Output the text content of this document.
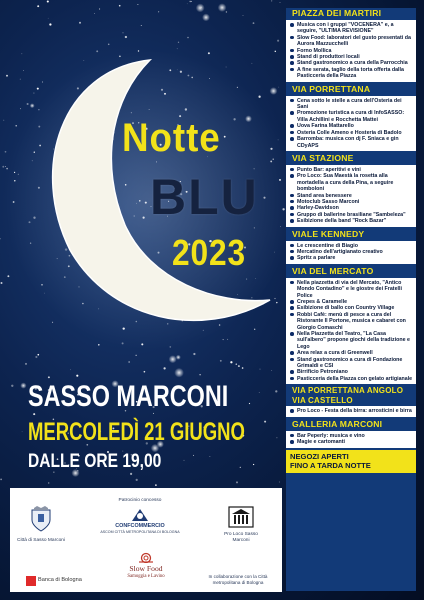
Notte
BLU
2023
SASSO MARCONI
MERCOLEDÌ 21 GIUGNO
DALLE ORE 19,00
PIAZZA DEI MARTIRI
Musica con i gruppi "VOCENERA" e, a seguire, "ULTIMA REVISIONE"
Slow Food: laboratori del gusto presentati da Aurora Mazzucchelli
Forno Mollica
Stand di produttori locali
Stand gastronomico a cura della Parrocchia
A fine serata, taglio della torta offerta dalla Pasticceria della Piazza
VIA PORRETTANA
Cena sotto le stelle a cura dell'Osteria dei Sani
Promozione turistica a cura di InfoSASSO: Villa Achillini e Rocchetta Mattei
Uova Farina Mattarello
Osteria Colle Ameno e Hosteria di Badolo
Barromba: musica con dj F. Sniaca e gin CDyAPS
VIA STAZIONE
Punto Bar: aperitivi e vini
Pro Loco: Sua Maestà la rosetta alla mortadella a cura della Pina, a seguire bomboloni
Stand area benessere
Motoclub Sasso Marconi
Harley-Davidson
Gruppo di ballerine brasiliane "Sambeleza"
Esibizione della band "Rock Bazar"
VIALE KENNEDY
Le crescentine di Biagio
Mercatino dell'artigianato creativo
Spritz a parlare
VIA DEL MERCATO
Nella piazzetta di via del Mercato, "Antico Mondo Contadino" e le giostre dei Fratelli Police
Crepes & Caramelle
Esibizione di ballo con Country Village
Robbi Cafè: menù di pesce a cura del Ristorante Il Portone, musica e cabaret con Giorgio Comaschi
Nella Piazzetta del Teatro, "La Casa sull'albero" propone giochi della tradizione e Lego
Area relax a cura di Greenwell
Stand gastronomico a cura di Fondazione Grimaldi e CSI
Birrificio Petroniano
Pasticceria della Piazza con gelato artigianale
VIA PORRETTANA ANGOLO VIA CASTELLO
Pro Loco - Festa della birra: arrosticini e birra
GALLERIA MARCONI
Bar Peperly: musica e vino
Magie e cartomanti
NEGOZI APERTI
FINO A TARDA NOTTE
Città di Sasso Marconi
Patrocinio concesso
CONFCOMMERCIO
ASCOM CITTÀ METROPOLITANA DI BOLOGNA	Pro Loco Sasso Marconi
Banca di Bologna
Slow Food
Samoggia e Lavino	In collaborazione con la Città metropolitana di Bologna
